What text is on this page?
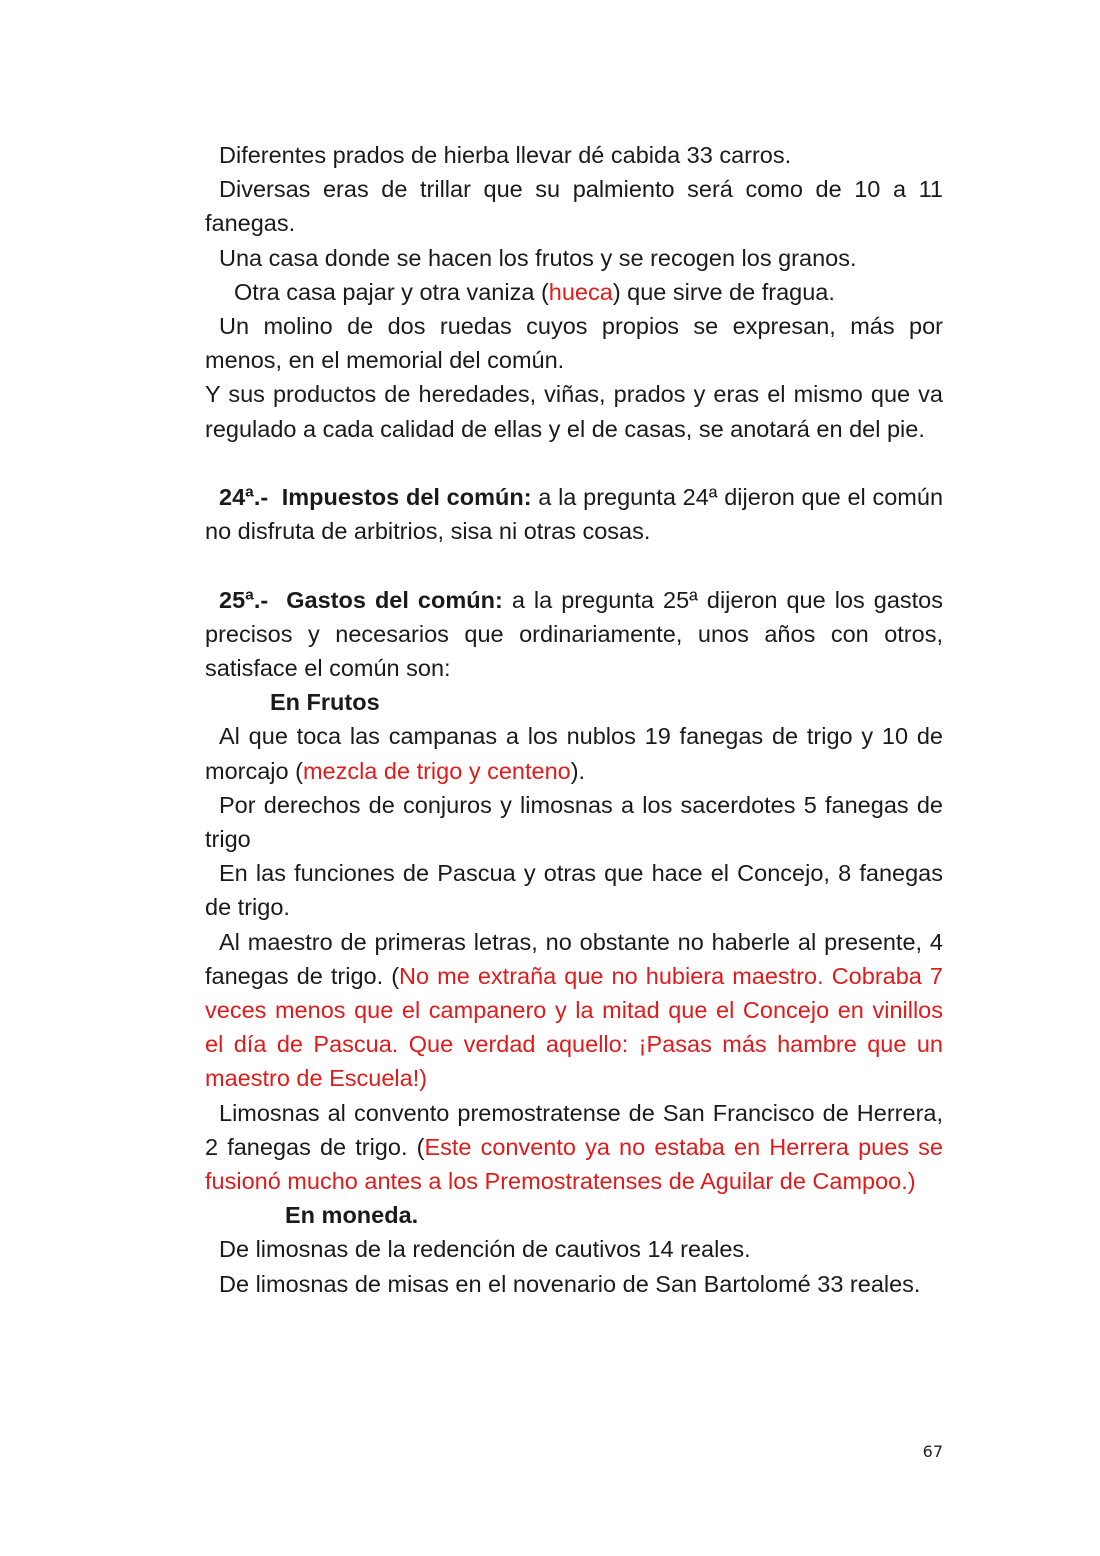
Diferentes prados de hierba llevar dé cabida 33 carros.

Diversas eras de trillar que su palmiento será como de 10 a 11 fanegas.

Una casa donde se hacen los frutos y se recogen los granos.

Otra casa pajar y otra vaniza (hueca) que sirve de fragua.

Un molino de dos ruedas cuyos propios se expresan, más por menos, en el memorial del común.

Y sus productos de heredades, viñas, prados y eras el mismo que va regulado a cada calidad de ellas y el de casas, se anotará en del pie.

24ª.- Impuestos del común: a la pregunta 24ª dijeron que el común no disfruta de arbitrios, sisa ni otras cosas.

25ª.- Gastos del común: a la pregunta 25ª dijeron que los gastos precisos y necesarios que ordinariamente, unos años con otros, satisface el común son:

En Frutos

Al que toca las campanas a los nublos 19 fanegas de trigo y 10 de morcajo (mezcla de trigo y centeno).

Por derechos de conjuros y limosnas a los sacerdotes 5 fanegas de trigo

En las funciones de Pascua y otras que hace el Concejo, 8 fanegas de trigo.

Al maestro de primeras letras, no obstante no haberle al presente, 4 fanegas de trigo. (No me extraña que no hubiera maestro. Cobraba 7 veces menos que el campanero y la mitad que el Concejo en vinillos el día de Pascua. Que verdad aquello: ¡Pasas más hambre que un maestro de Escuela!)

Limosnas al convento premostratense de San Francisco de Herrera, 2 fanegas de trigo. (Este convento ya no estaba en Herrera pues se fusionó mucho antes a los Premostratenses de Aguilar de Campoo.)

En moneda.

De limosnas de la redención de cautivos 14 reales.

De limosnas de misas en el novenario de San Bartolomé 33 reales.

67
